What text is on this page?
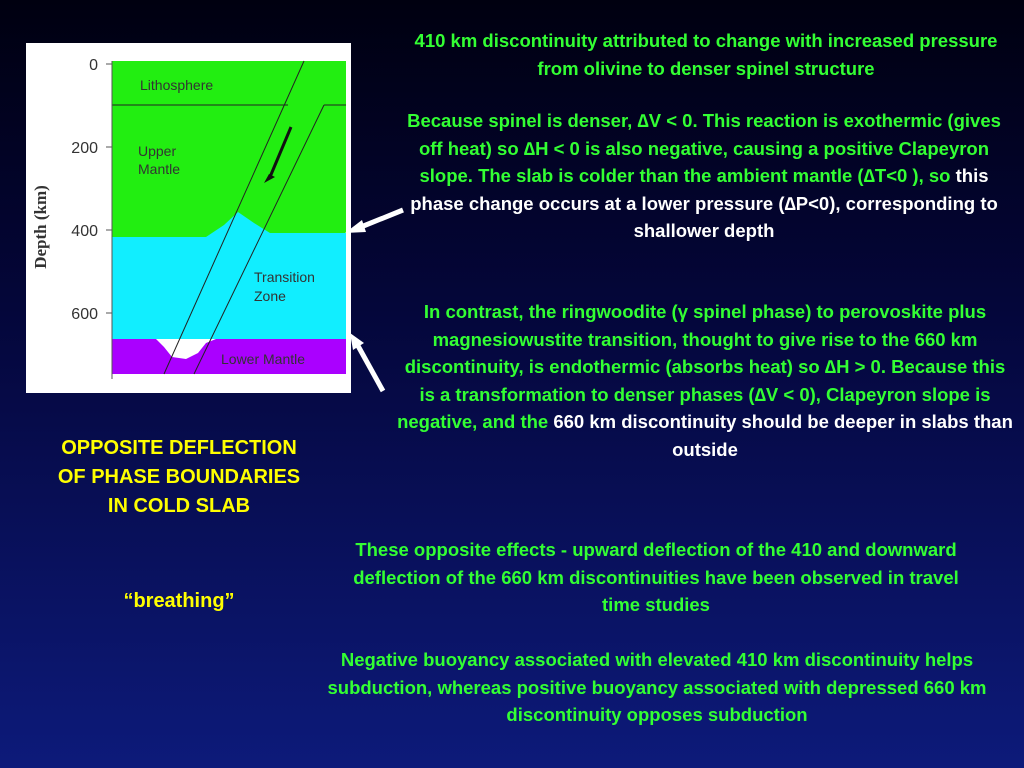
0
200
400
600
Depth (km)
Lithosphere
Upper
Mantle
Transition
Zone
Lower Mantle
410 km discontinuity attributed to change with increased pressure from olivine to denser spinel structure
Because spinel is denser, ∆V < 0. This reaction is exothermic (gives off heat) so ∆H < 0 is also negative, causing a positive Clapeyron slope. The slab is colder than the ambient mantle (∆T<0 ), so this phase change occurs at a lower pressure (∆P<0), corresponding to shallower depth
In contrast, the ringwoodite (γ spinel phase) to perovoskite plus magnesiowustite transition, thought to give rise to the 660 km discontinuity, is endothermic (absorbs heat) so ∆H > 0. Because this is a transformation to denser phases (∆V < 0), Clapeyron slope is negative, and the 660 km discontinuity should be deeper in slabs than outside
These opposite effects - upward deflection of the 410 and downward deflection of the 660 km discontinuities have been observed in travel time studies
Negative buoyancy associated with elevated 410 km discontinuity helps subduction, whereas positive buoyancy associated with depressed 660 km discontinuity opposes subduction
OPPOSITE DEFLECTION
OF PHASE BOUNDARIES
IN COLD SLAB
“breathing”
